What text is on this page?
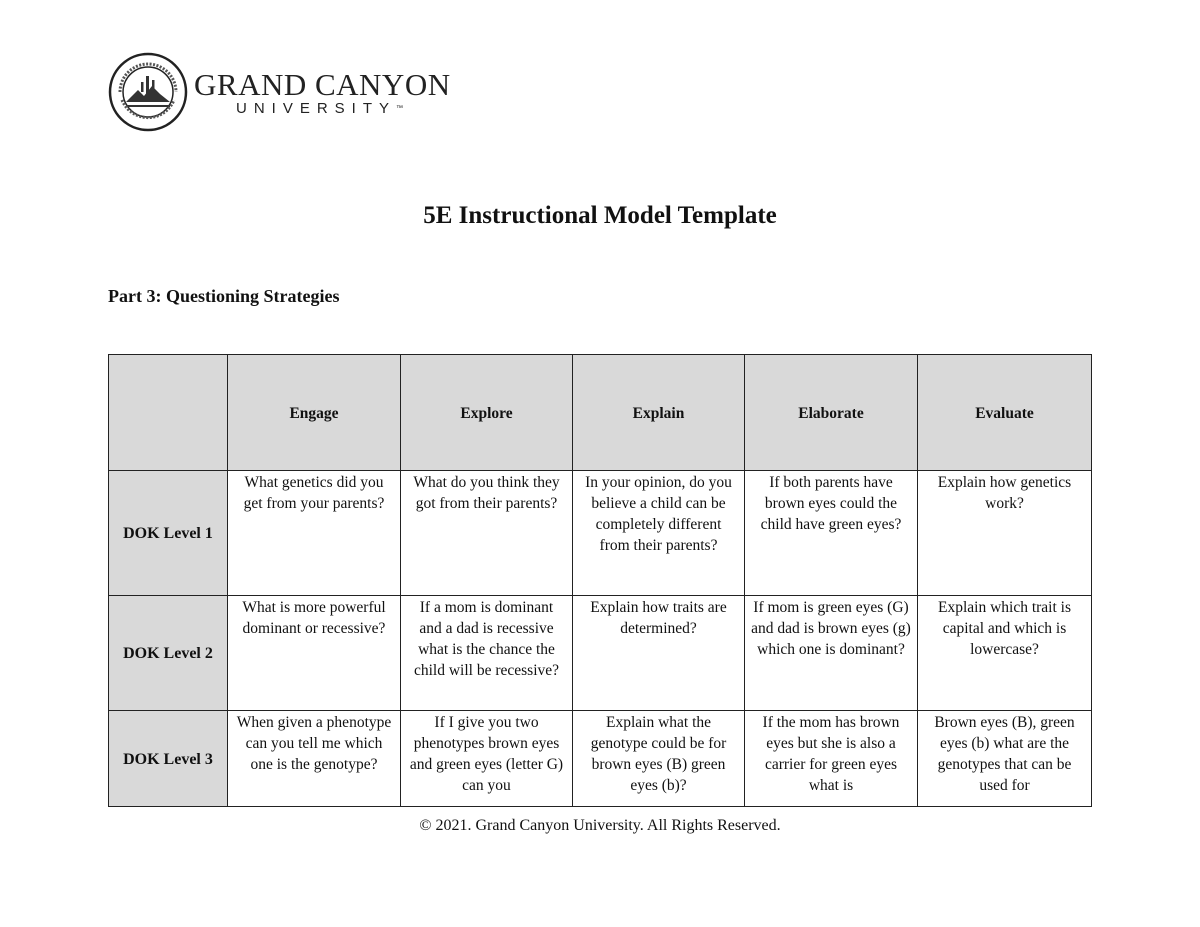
GRAND CANYON
UNIVERSITY™
5E Instructional Model Template
Part 3: Questioning Strategies
	Engage	Explore	Explain	Elaborate	Evaluate
DOK Level 1	What genetics did you get from your parents?	What do you think they got from their parents?	In your opinion, do you believe a child can be completely different from their parents?	If both parents have brown eyes could the child have green eyes?	Explain how genetics work?
DOK Level 2	What is more powerful dominant or recessive?	If a mom is dominant and a dad is recessive what is the chance the child will be recessive?	Explain how traits are determined?	If mom is green eyes (G) and dad is brown eyes (g) which one is dominant?	Explain which trait is capital and which is lowercase?
DOK Level 3	When given a phenotype can you tell me which one is the genotype?	If I give you two phenotypes brown eyes and green eyes (letter G) can you	Explain what the genotype could be for brown eyes (B) green eyes (b)?	If the mom has brown eyes but she is also a carrier for green eyes what is	Brown eyes (B), green eyes (b) what are the genotypes that can be used for

© 2021. Grand Canyon University. All Rights Reserved.
